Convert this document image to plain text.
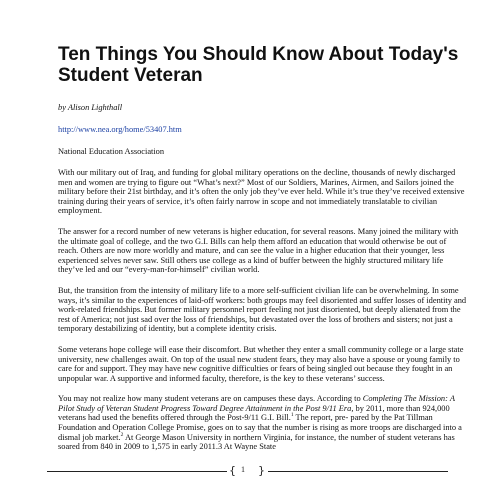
Ten Things You Should Know About Today's Student Veteran
by Alison Lighthall
http://www.nea.org/home/53407.htm
National Education Association

With our military out of Iraq, and funding for global military operations on the decline, thousands of newly discharged men and women are trying to figure out “What’s next?” Most of our Soldiers, Marines, Airmen, and Sailors joined the military before their 21st birthday, and it’s often the only job they’ve ever held. While it’s true they’ve received extensive training during their years of service, it’s often fairly narrow in scope and not immediately translatable to civilian employment.

The answer for a record number of new veterans is higher education, for several reasons. Many joined the military with the ultimate goal of college, and the two G.I. Bills can help them afford an education that would otherwise be out of reach. Others are now more worldly and mature, and can see the value in a higher education that their younger, less experienced selves never saw. Still others use college as a kind of buffer between the highly structured military life they’ve led and our “every-man-for-himself” civilian world.

But, the transition from the intensity of military life to a more self-sufficient civilian life can be overwhelming. In some ways, it’s similar to the experiences of laid-off workers: both groups may feel disoriented and suffer losses of identity and work-related friendships. But former military personnel report feeling not just disoriented, but deeply alienated from the rest of America; not just sad over the loss of friendships, but devastated over the loss of brothers and sisters; not just a temporary destabilizing of identity, but a complete identity crisis.

Some veterans hope college will ease their discomfort. But whether they enter a small community college or a large state university, new challenges await. On top of the usual new student fears, they may also have a spouse or young family to care for and support. They may have new cognitive difficulties or fears of being singled out because they fought in an unpopular war. A supportive and informed faculty, therefore, is the key to these veterans’ success.

You may not realize how many student veterans are on campuses these days. According to Completing The Mission: A Pilot Study of Veteran Student Progress Toward Degree Attainment in the Post 9/11 Era, by 2011, more than 924,000 veterans had used the benefits offered through the Post-9/11 G.I. Bill.$^1$ The report, pre- pared by the Pat Tillman Foundation and Operation College Promise, goes on to say that the number is rising as more troops are discharged into a dismal job market.$^2$ At George Mason University in northern Virginia, for instance, the number of student veterans has soared from 840 in 2009 to 1,575 in early 2011.3 At Wayne State

{ 1 }
